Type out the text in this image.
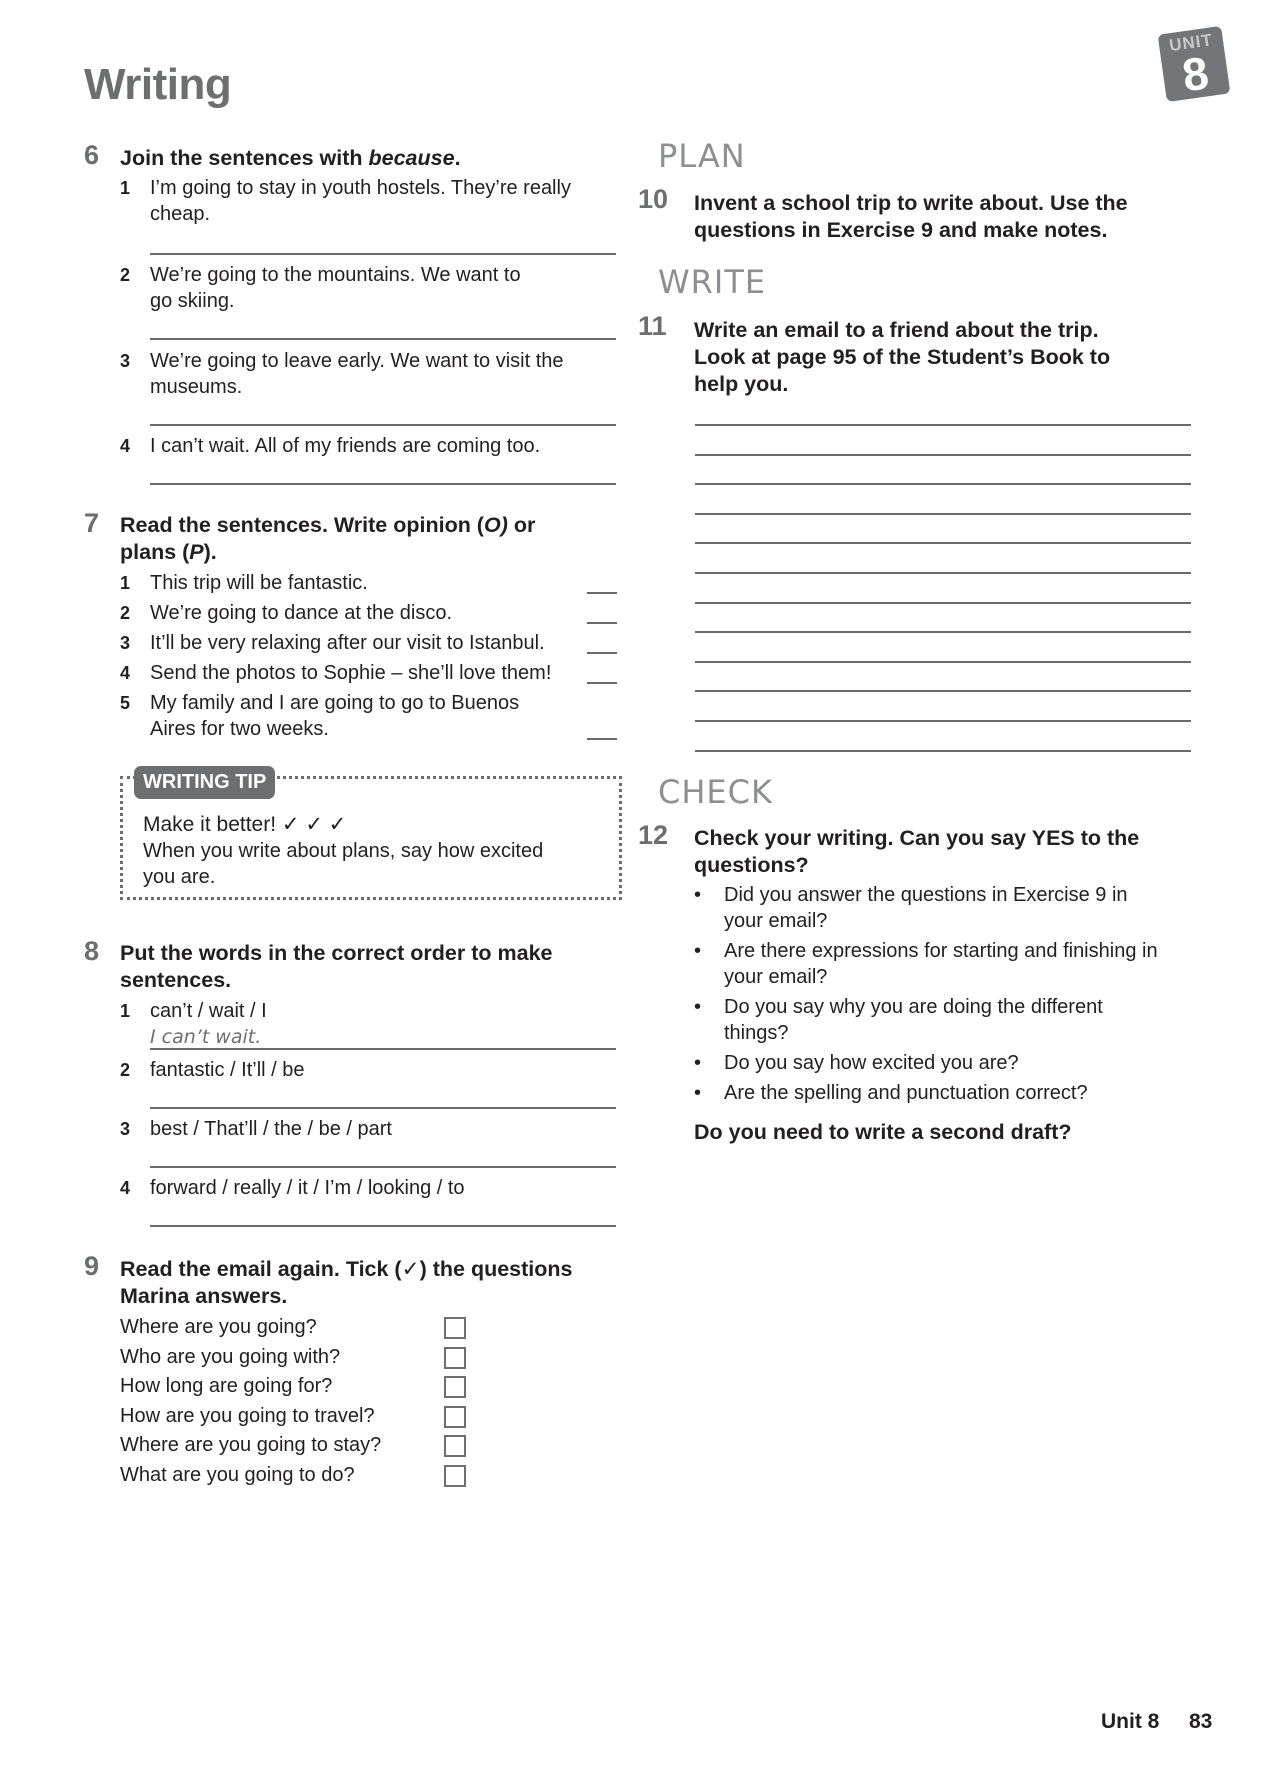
Writing
UNIT
8
6 Join the sentences with because.
1 I’m going to stay in youth hostels. They’re really
cheap.
2 We’re going to the mountains. We want to
go skiing.
3 We’re going to leave early. We want to visit the
museums.
4 I can’t wait. All of my friends are coming too.
7 Read the sentences. Write opinion (O) or
plans (P).
1 This trip will be fantastic.
2 We’re going to dance at the disco.
3 It’ll be very relaxing after our visit to Istanbul.
4 Send the photos to Sophie – she’ll love them!
5 My family and I are going to go to Buenos
Aires for two weeks.
WRITING TIP
Make it better! ✓ ✓ ✓
When you write about plans, say how excited
you are.
8 Put the words in the correct order to make
sentences.
1 can’t / wait / I
I can’t wait.
2 fantastic / It’ll / be
3 best / That’ll / the / be / part
4 forward / really / it / I’m / looking / to
9 Read the email again. Tick (✓) the questions
Marina answers.
Where are you going?
Who are you going with?
How long are going for?
How are you going to travel?
Where are you going to stay?
What are you going to do?
PLAN
10 Invent a school trip to write about. Use the
questions in Exercise 9 and make notes.
WRITE
11 Write an email to a friend about the trip.
Look at page 95 of the Student’s Book to
help you.
CHECK
12 Check your writing. Can you say YES to the
questions?
• Did you answer the questions in Exercise 9 in
your email?
• Are there expressions for starting and finishing in
your email?
• Do you say why you are doing the different
things?
• Do you say how excited you are?
• Are the spelling and punctuation correct?
Do you need to write a second draft?
Unit 8 83
